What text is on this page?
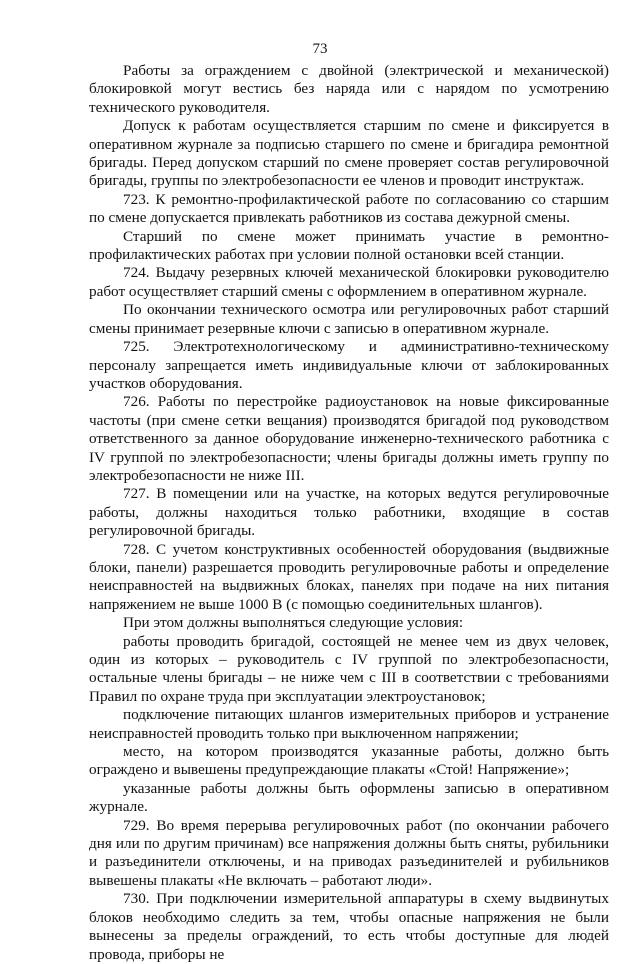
73

Работы за ограждением с двойной (электрической и механической) блокировкой могут вестись без наряда или с нарядом по усмотрению технического руководителя.

Допуск к работам осуществляется старшим по смене и фиксируется в оперативном журнале за подписью старшего по смене и бригадира ремонтной бригады. Перед допуском старший по смене проверяет состав регулировочной бригады, группы по электробезопасности ее членов и проводит инструктаж.

723. К ремонтно-профилактической работе по согласованию со старшим по смене допускается привлекать работников из состава дежурной смены.

Старший по смене может принимать участие в ремонтно-профилактических работах при условии полной остановки всей станции.

724. Выдачу резервных ключей механической блокировки руководителю работ осуществляет старший смены с оформлением в оперативном журнале.

По окончании технического осмотра или регулировочных работ старший смены принимает резервные ключи с записью в оперативном журнале.

725. Электротехнологическому и административно-техническому персоналу запрещается иметь индивидуальные ключи от заблокированных участков оборудования.

726. Работы по перестройке радиоустановок на новые фиксированные частоты (при смене сетки вещания) производятся бригадой под руководством ответственного за данное оборудование инженерно-технического работника с IV группой по электробезопасности; члены бригады должны иметь группу по электробезопасности не ниже III.

727. В помещении или на участке, на которых ведутся регулировочные работы, должны находиться только работники, входящие в состав регулировочной бригады.

728. С учетом конструктивных особенностей оборудования (выдвижные блоки, панели) разрешается проводить регулировочные работы и определение неисправностей на выдвижных блоках, панелях при подаче на них питания напряжением не выше 1000 В (с помощью соединительных шлангов).

При этом должны выполняться следующие условия:

работы проводить бригадой, состоящей не менее чем из двух человек, один из которых – руководитель с IV группой по электробезопасности, остальные члены бригады – не ниже чем с III в соответствии с требованиями Правил по охране труда при эксплуатации электроустановок;

подключение питающих шлангов измерительных приборов и устранение неисправностей проводить только при выключенном напряжении;

место, на котором производятся указанные работы, должно быть ограждено и вывешены предупреждающие плакаты «Стой! Напряжение»;

указанные работы должны быть оформлены записью в оперативном журнале.

729. Во время перерыва регулировочных работ (по окончании рабочего дня или по другим причинам) все напряжения должны быть сняты, рубильники и разъединители отключены, и на приводах разъединителей и рубильников вывешены плакаты «Не включать – работают люди».

730. При подключении измерительной аппаратуры в схему выдвинутых блоков необходимо следить за тем, чтобы опасные напряжения не были вынесены за пределы ограждений, то есть чтобы доступные для людей провода, приборы не
